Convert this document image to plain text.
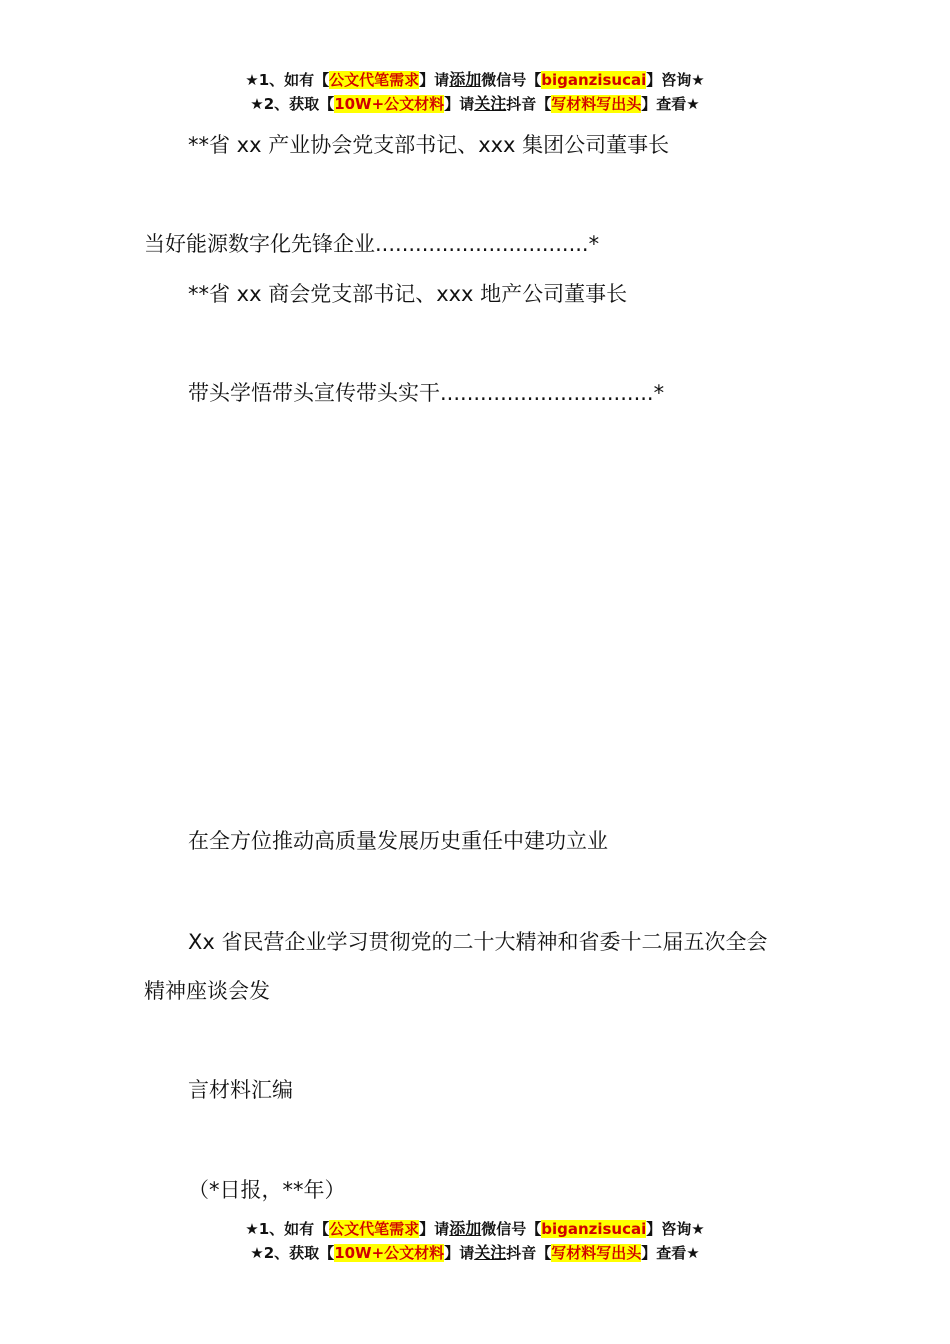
★1、如有【公文代笔需求】请添加微信号【biganzisucai】咨询★
★2、获取【10W+公文材料】请关注抖音【写材料写出头】查看★
**省 xx 产业协会党支部书记、xxx 集团公司董事长
当好能源数字化先锋企业................................*
**省 xx 商会党支部书记、xxx 地产公司董事长
带头学悟带头宣传带头实干................................*
在全方位推动高质量发展历史重任中建功立业
Xx 省民营企业学习贯彻党的二十大精神和省委十二届五次全会
精神座谈会发
言材料汇编
（*日报，**年）
★1、如有【公文代笔需求】请添加微信号【biganzisucai】咨询★
★2、获取【10W+公文材料】请关注抖音【写材料写出头】查看★
